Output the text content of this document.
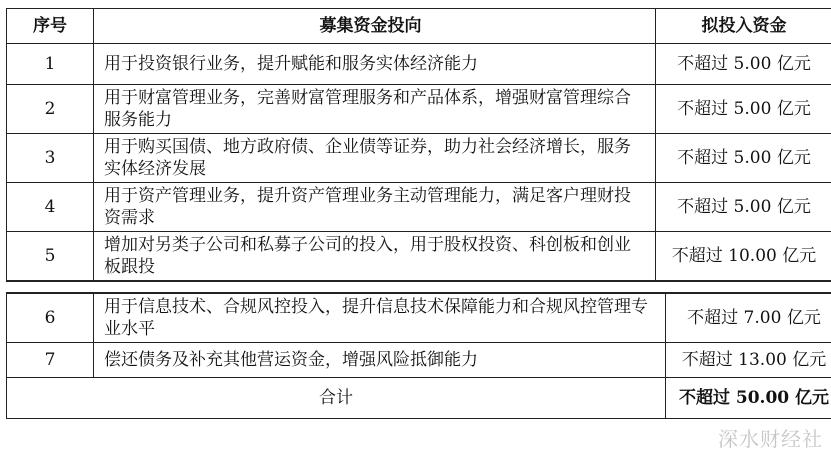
序号	募集资金投向	拟投入资金
1	用于投资银行业务，提升赋能和服务实体经济能力	不超过 5.00 亿元
2	用于财富管理业务，完善财富管理服务和产品体系，增强财富管理综合服务能力	不超过 5.00 亿元
3	用于购买国债、地方政府债、企业债等证券，助力社会经济增长，服务实体经济发展	不超过 5.00 亿元
4	用于资产管理业务，提升资产管理业务主动管理能力，满足客户理财投资需求	不超过 5.00 亿元
5	增加对另类子公司和私募子公司的投入，用于股权投资、科创板和创业板跟投	不超过 10.00 亿元
6	用于信息技术、合规风控投入，提升信息技术保障能力和合规风控管理专业水平	不超过 7.00 亿元
7	偿还债务及补充其他营运资金，增强风险抵御能力	不超过 13.00 亿元
合计		不超过 50.00 亿元
深水财经社
